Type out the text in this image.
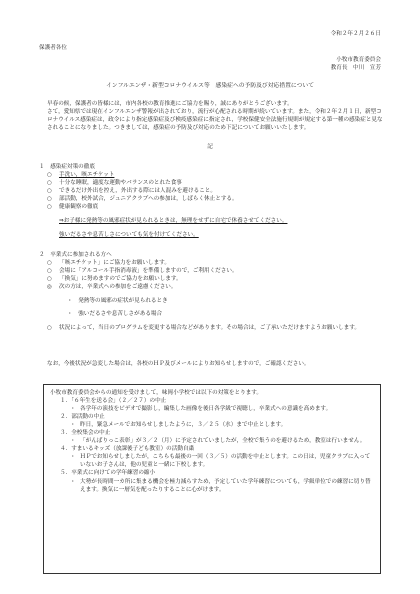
令和２年２月２６日
保護者各位
小牧市教育委員会
教育長　中川　宣芳
インフルエンザ・新型コロナウイルス等　感染症への予防及び対応措置について

早春の候，保護者の皆様には，市内各校の教育推進にご協力を賜り，誠にありがとうございます。

さて，愛知県では現在インフルエンザ警報が出されており，流行が心配される時期が続いています。また，令和２年２月１日，新型コロナウイルス感染症は，政令により指定感染症及び検疫感染症に指定され，学校保健安全法施行規則が規定する第一種の感染症と見なされることになりました。つきましては，感染症の予防及び対応のため下記についてお願いいたします。

記

１　感染症対策の徹底

○	手洗い，咳エチケット
○	十分な睡眠，適度な運動やバランスのとれた食事
○	できるだけ外出を控え，外出する際には人混みを避けること。
○	部活動，校外試合，ジュニアクラブへの参加は，しばらく休止とする。
○	健康観察の徹底

⇒お子様に発熱等の風邪症状が見られるときは，無理をせずに自宅で休養させてください。

強いだるさや息苦しさについても気を付けてください。

２　卒業式に参加される方へ

○	「咳エチケット」にご協力をお願いします。
○	会場に「アルコール手指消毒液」を準備しますので，ご利用ください。
○	「換気」に努めますのでご協力をお願いします。
◎	次の方は，卒業式への参加をご遠慮ください。

・　発熱等の風邪の症状が見られるとき

・　強いだるさや息苦しさがある場合

○	状況によって，当日のプログラムを変更する場合などがあります。その場合は，ご了承いただけますようお願いします。

なお，今後状況が急変した場合は，各校のＨＰ及びメールによりお知らせしますので，ご確認ください。

小牧市教育委員会からの通知を受けまして，味岡小学校では以下の対策をとります。

１．「６年生を送る会」（２／２７）の中止

・ 各学年の演技をビデオで撮影し，編集した画像を後日各学級で視聴し，卒業式への意識を高めます。

２．部活動の中止

・ 昨日，緊急メールでお知らせしましたように，３／２５（水）まで中止とします。

３．全校集会の中止

・ 「がんばりっこ表彰」が３／２（月）に予定されていましたが，全校で集うのを避けるため，教室は行いません。

４．すまいるキッズ（放課後子ども教室）の活動自粛

・ ＨＰでお知らせしましたが，こちらも最後の一回（３／５）の活動を中止とします。この日は，児童クラブに入っていないお子さんは，他の児童と一緒に下校します。

５．卒業式に向けての学年練習の縮小

・ 大勢が長時間一カ所に集まる機会を極力減らすため，予定していた学年練習についても，学級単位での練習に切り替えます。換気に一層気を配ったりすることに心がけます。
